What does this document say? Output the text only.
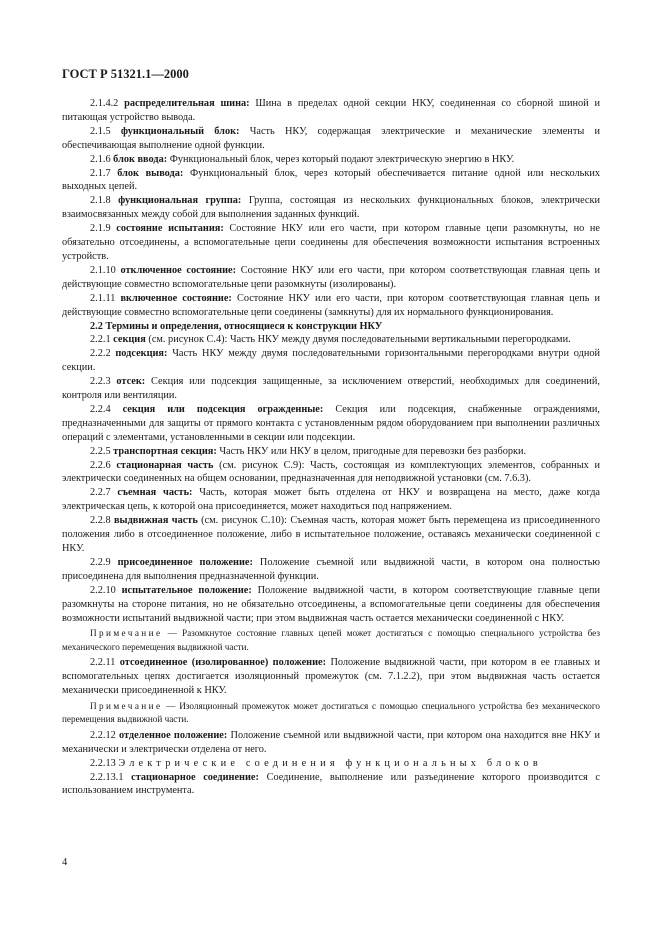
ГОСТ Р 51321.1—2000

2.1.4.2 распределительная шина: Шина в пределах одной секции НКУ, соединенная со сборной шиной и питающая устройство вывода.

2.1.5 функциональный блок: Часть НКУ, содержащая электрические и механические элементы и обеспечивающая выполнение одной функции.

2.1.6 блок ввода: Функциональный блок, через который подают электрическую энергию в НКУ.

2.1.7 блок вывода: Функциональный блок, через который обеспечивается питание одной или нескольких выходных цепей.

2.1.8 функциональная группа: Группа, состоящая из нескольких функциональных блоков, электрически взаимосвязанных между собой для выполнения заданных функций.

2.1.9 состояние испытания: Состояние НКУ или его части, при котором главные цепи разомкнуты, но не обязательно отсоединены, а вспомогательные цепи соединены для обеспечения возможности испытания встроенных устройств.

2.1.10 отключенное состояние: Состояние НКУ или его части, при котором соответствующая главная цепь и действующие совместно вспомогательные цепи разомкнуты (изолированы).

2.1.11 включенное состояние: Состояние НКУ или его части, при котором соответствующая главная цепь и действующие совместно вспомогательные цепи соединены (замкнуты) для их нормального функционирования.

2.2 Термины и определения, относящиеся к конструкции НКУ

2.2.1 секция (см. рисунок С.4): Часть НКУ между двумя последовательными вертикальными перегородками.

2.2.2 подсекция: Часть НКУ между двумя последовательными горизонтальными перегородками внутри одной секции.

2.2.3 отсек: Секция или подсекция защищенные, за исключением отверстий, необходимых для соединений, контроля или вентиляции.

2.2.4 секция или подсекция огражденные: Секция или подсекция, снабженные ограждениями, предназначенными для защиты от прямого контакта с установленным рядом оборудованием при выполнении различных операций с элементами, установленными в секции или подсекции.

2.2.5 транспортная секция: Часть НКУ или НКУ в целом, пригодные для перевозки без разборки.

2.2.6 стационарная часть (см. рисунок С.9): Часть, состоящая из комплектующих элементов, собранных и электрически соединенных на общем основании, предназначенная для неподвижной установки (см. 7.6.3).

2.2.7 съемная часть: Часть, которая может быть отделена от НКУ и возвращена на место, даже когда электрическая цепь, к которой она присоединяется, может находиться под напряжением.

2.2.8 выдвижная часть (см. рисунок С.10): Съемная часть, которая может быть перемещена из присоединенного положения либо в отсоединенное положение, либо в испытательное положение, оставаясь механически соединенной с НКУ.

2.2.9 присоединенное положение: Положение съемной или выдвижной части, в котором она полностью присоединена для выполнения предназначенной функции.

2.2.10 испытательное положение: Положение выдвижной части, в котором соответствующие главные цепи разомкнуты на стороне питания, но не обязательно отсоединены, а вспомогательные цепи соединены для обеспечения возможности испытаний выдвижной части; при этом выдвижная часть остается механически соединенной с НКУ.

Примечание — Разомкнутое состояние главных цепей может достигаться с помощью специального устройства без механического перемещения выдвижной части.

2.2.11 отсоединенное (изолированное) положение: Положение выдвижной части, при котором в ее главных и вспомогательных цепях достигается изоляционный промежуток (см. 7.1.2.2), при этом выдвижная часть остается механически присоединенной к НКУ.

Примечание — Изоляционный промежуток может достигаться с помощью специального устройства без механического перемещения выдвижной части.

2.2.12 отделенное положение: Положение съемной или выдвижной части, при котором она находится вне НКУ и механически и электрически отделена от него.

2.2.13 Электрические соединения функциональных блоков

2.2.13.1 стационарное соединение: Соединение, выполнение или разъединение которого производится с использованием инструмента.

4
